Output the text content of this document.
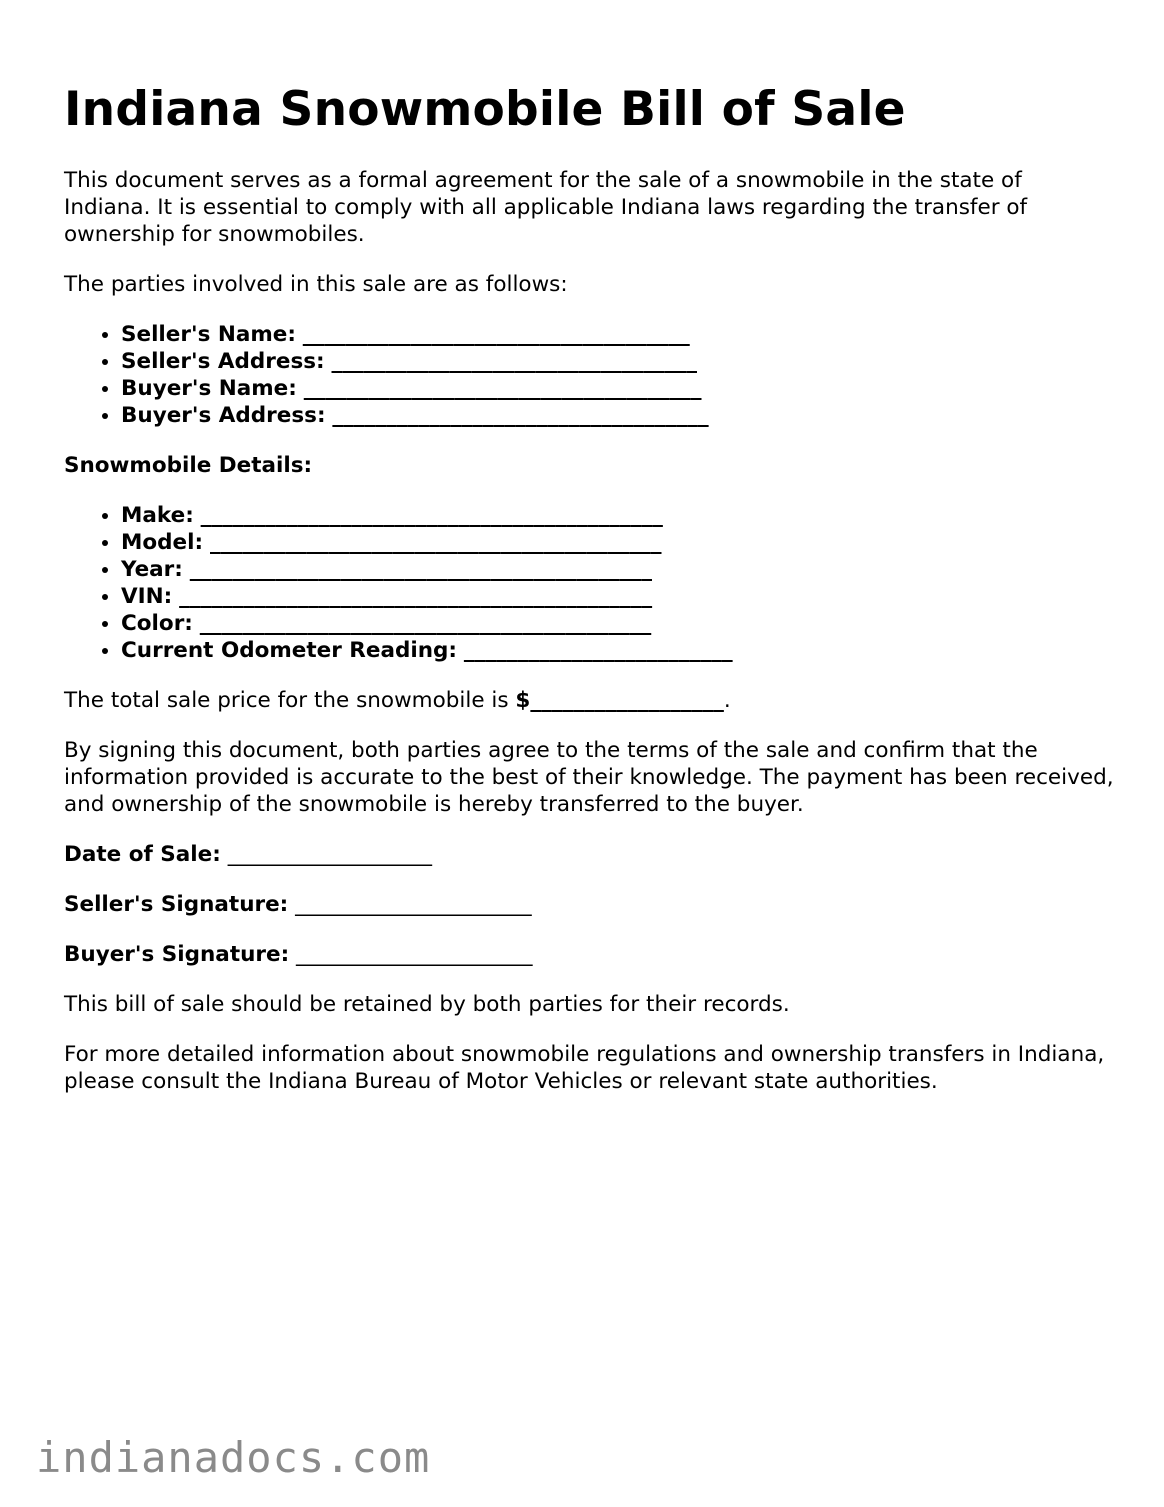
Indiana Snowmobile Bill of Sale

This document serves as a formal agreement for the sale of a snowmobile in the state of Indiana. It is essential to comply with all applicable Indiana laws regarding the transfer of ownership for snowmobiles.

The parties involved in this sale are as follows:

• Seller's Name: ____________________________________
• Seller's Address: __________________________________
• Buyer's Name: _____________________________________
• Buyer's Address: ___________________________________

Snowmobile Details:

• Make: ___________________________________________
• Model: __________________________________________
• Year: ___________________________________________
• VIN: ____________________________________________
• Color: __________________________________________
• Current Odometer Reading: _________________________

The total sale price for the snowmobile is $__________________.

By signing this document, both parties agree to the terms of the sale and confirm that the information provided is accurate to the best of their knowledge. The payment has been received, and ownership of the snowmobile is hereby transferred to the buyer.

Date of Sale: ___________________

Seller's Signature: ______________________

Buyer's Signature: ______________________

This bill of sale should be retained by both parties for their records.

For more detailed information about snowmobile regulations and ownership transfers in Indiana, please consult the Indiana Bureau of Motor Vehicles or relevant state authorities.

indianadocs.com
